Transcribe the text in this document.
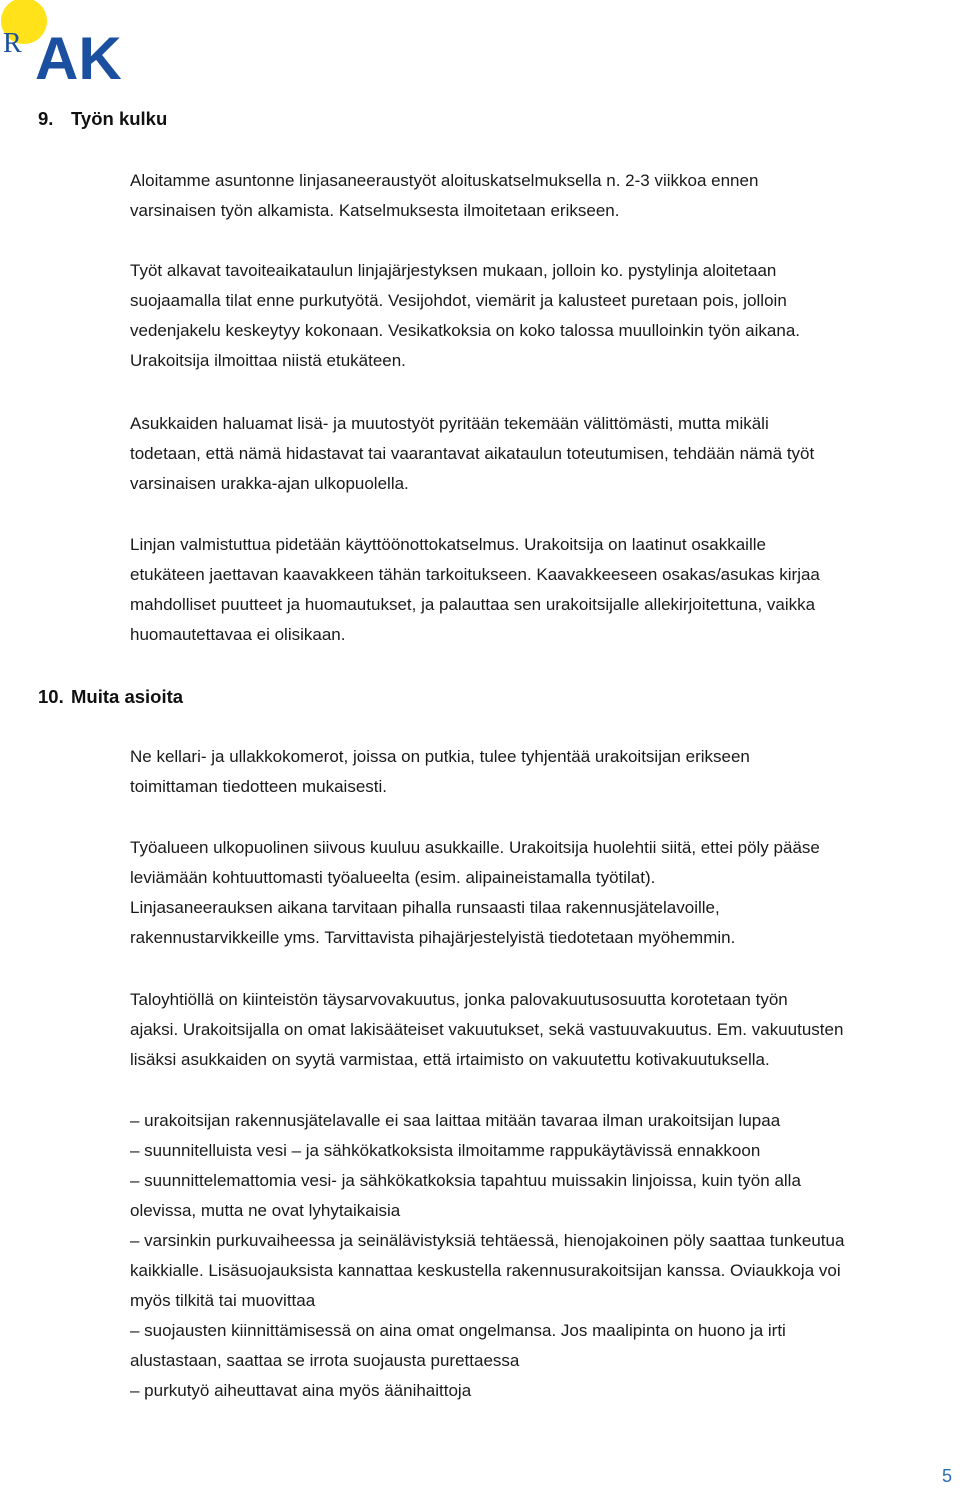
R AK
9. Työn kulku
Aloitamme asuntonne linjasaneeraustyöt aloituskatselmuksella n. 2-3 viikkoa ennen
varsinaisen työn alkamista. Katselmuksesta ilmoitetaan erikseen.
Työt alkavat tavoiteaikataulun linjajärjestyksen mukaan, jolloin ko. pystylinja aloitetaan
suojaamalla tilat enne purkutyötä. Vesijohdot, viemärit ja kalusteet puretaan pois, jolloin
vedenjakelu keskeytyy kokonaan. Vesikatkoksia on koko talossa muulloinkin työn aikana.
Urakoitsija ilmoittaa niistä etukäteen.
Asukkaiden haluamat lisä- ja muutostyöt pyritään tekemään välittömästi, mutta mikäli
todetaan, että nämä hidastavat tai vaarantavat aikataulun toteutumisen, tehdään nämä työt
varsinaisen urakka-ajan ulkopuolella.
Linjan valmistuttua pidetään käyttöönottokatselmus. Urakoitsija on laatinut osakkaille
etukäteen jaettavan kaavakkeen tähän tarkoitukseen. Kaavakkeeseen osakas/asukas kirjaa
mahdolliset puutteet ja huomautukset, ja palauttaa sen urakoitsijalle allekirjoitettuna, vaikka
huomautettavaa ei olisikaan.
10. Muita asioita
Ne kellari- ja ullakkokomerot, joissa on putkia, tulee tyhjentää urakoitsijan erikseen
toimittaman tiedotteen mukaisesti.
Työalueen ulkopuolinen siivous kuuluu asukkaille. Urakoitsija huolehtii siitä, ettei pöly pääse
leviämään kohtuuttomasti työalueelta (esim. alipaineistamalla työtilat).
Linjasaneerauksen aikana tarvitaan pihalla runsaasti tilaa rakennusjätelavoille,
rakennustarvikkeille yms. Tarvittavista pihajärjestelyistä tiedotetaan myöhemmin.
Taloyhtiöllä on kiinteistön täysarvovakuutus, jonka palovakuutusosuutta korotetaan työn
ajaksi. Urakoitsijalla on omat lakisääteiset vakuutukset, sekä vastuuvakuutus. Em. vakuutusten
lisäksi asukkaiden on syytä varmistaa, että irtaimisto on vakuutettu kotivakuutuksella.
– urakoitsijan rakennusjätelavalle ei saa laittaa mitään tavaraa ilman urakoitsijan lupaa
– suunnitelluista vesi – ja sähkökatkoksista ilmoitamme rappukäytävissä ennakkoon
– suunnittelemattomia vesi- ja sähkökatkoksia tapahtuu muissakin linjoissa, kuin työn alla
olevissa, mutta ne ovat lyhytaikaisia
– varsinkin purkuvaiheessa ja seinälävistyksiä tehtäessä, hienojakoinen pöly saattaa tunkeutua
kaikkialle. Lisäsuojauksista kannattaa keskustella rakennusurakoitsijan kanssa. Oviaukkoja voi
myös tilkitä tai muovittaa
– suojausten kiinnittämisessä on aina omat ongelmansa. Jos maalipinta on huono ja irti
alustastaan, saattaa se irrota suojausta purettaessa
– purkutyö aiheuttavat aina myös äänihaittoja
5
